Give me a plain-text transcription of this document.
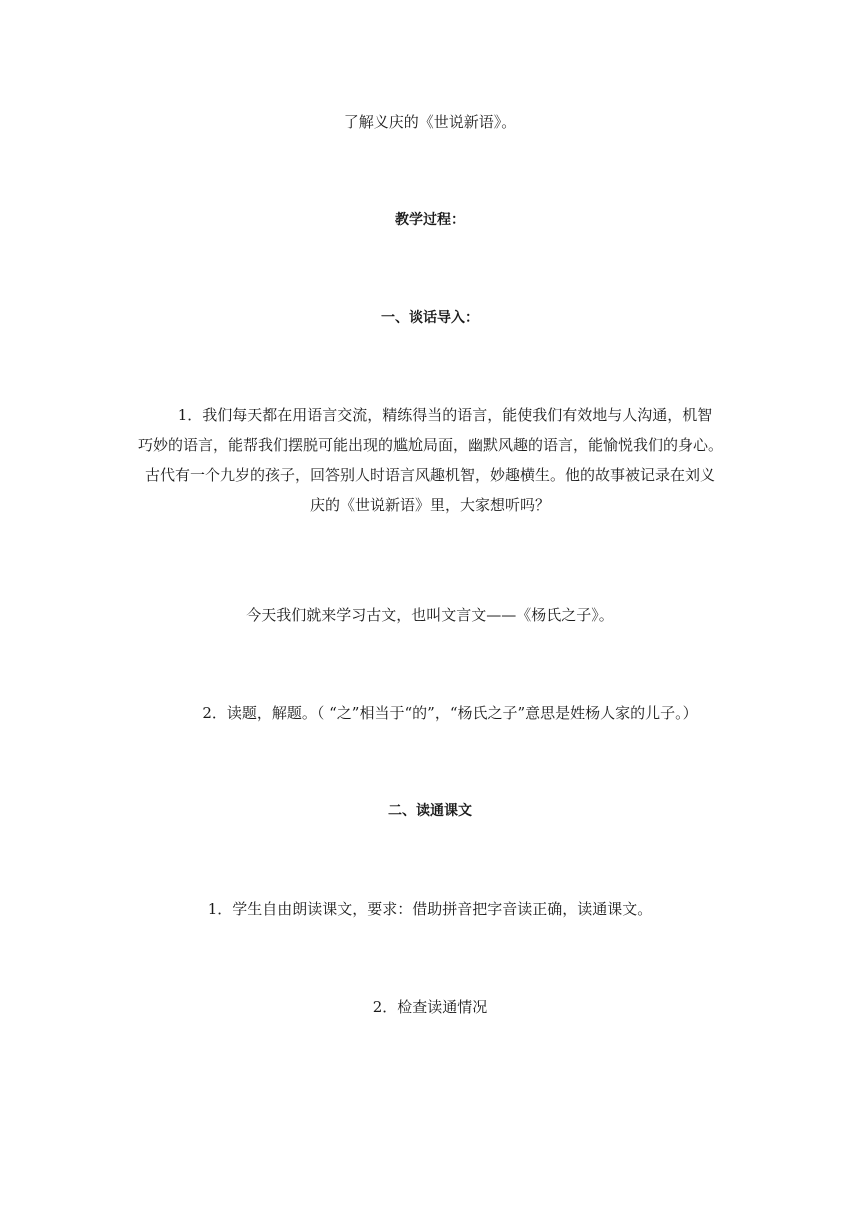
了解义庆的《世说新语》。
教学过程：
一、谈话导入：
1．我们每天都在用语言交流，精练得当的语言，能使我们有效地与人沟通，机智
巧妙的语言，能帮我们摆脱可能出现的尴尬局面，幽默风趣的语言，能愉悦我们的身心。
古代有一个九岁的孩子，回答别人时语言风趣机智，妙趣横生。他的故事被记录在刘义
庆的《世说新语》里，大家想听吗？
今天我们就来学习古文，也叫文言文——《杨氏之子》。
2．读题，解题。（ “之”相当于“的”，“杨氏之子”意思是姓杨人家的儿子。）
二、读通课文
1．学生自由朗读课文，要求：借助拼音把字音读正确，读通课文。
2．检查读通情况
